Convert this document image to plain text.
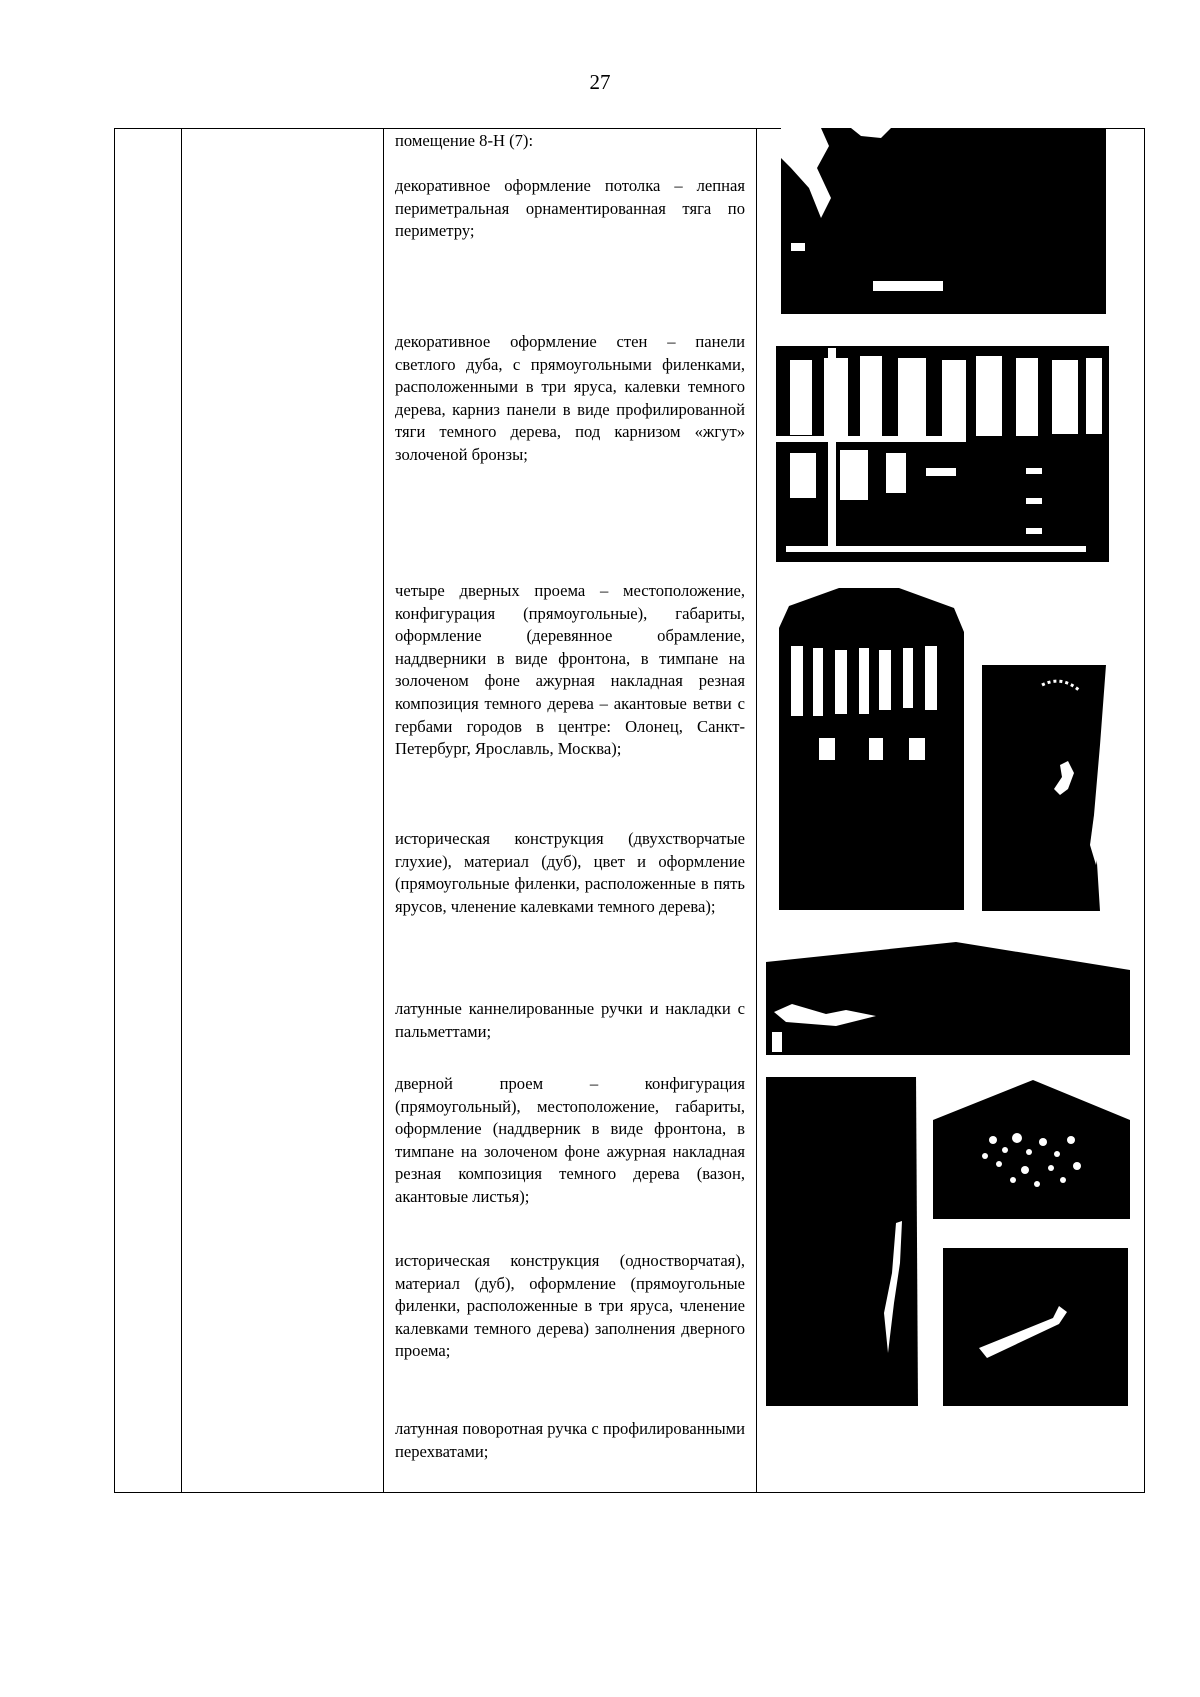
27
помещение 8-Н (7):
декоративное оформление потолка – лепная периметральная орнаментированная тяга по периметру;
декоративное оформление стен – панели светлого дуба, с прямоугольными филенками, расположенными в три яруса, калевки темного дерева, карниз панели в виде профилированной тяги темного дерева, под карнизом «жгут» золоченой бронзы;
четыре дверных проема – местоположение, конфигурация (прямоугольные), габариты, оформление (деревянное обрамление, наддверники в виде фронтона, в тимпане на золоченом фоне ажурная накладная резная композиция темного дерева – акантовые ветви с гербами городов в центре: Олонец, Санкт-Петербург, Ярославль, Москва);
историческая конструкция (двухстворчатые глухие), материал (дуб), цвет и оформление (прямоугольные филенки, расположенные в пять ярусов, членение калевками темного дерева);
латунные каннелированные ручки и накладки с пальметтами;
дверной проем – конфигурация (прямоугольный), местоположение, габариты, оформление (наддверник в виде фронтона, в тимпане на золоченом фоне ажурная накладная резная композиция темного дерева (вазон, акантовые листья);
историческая конструкция (одностворчатая), материал (дуб), оформление (прямоугольные филенки, расположенные в три яруса, членение калевками темного дерева) заполнения дверного проема;
латунная поворотная ручка с профилированными перехватами;
